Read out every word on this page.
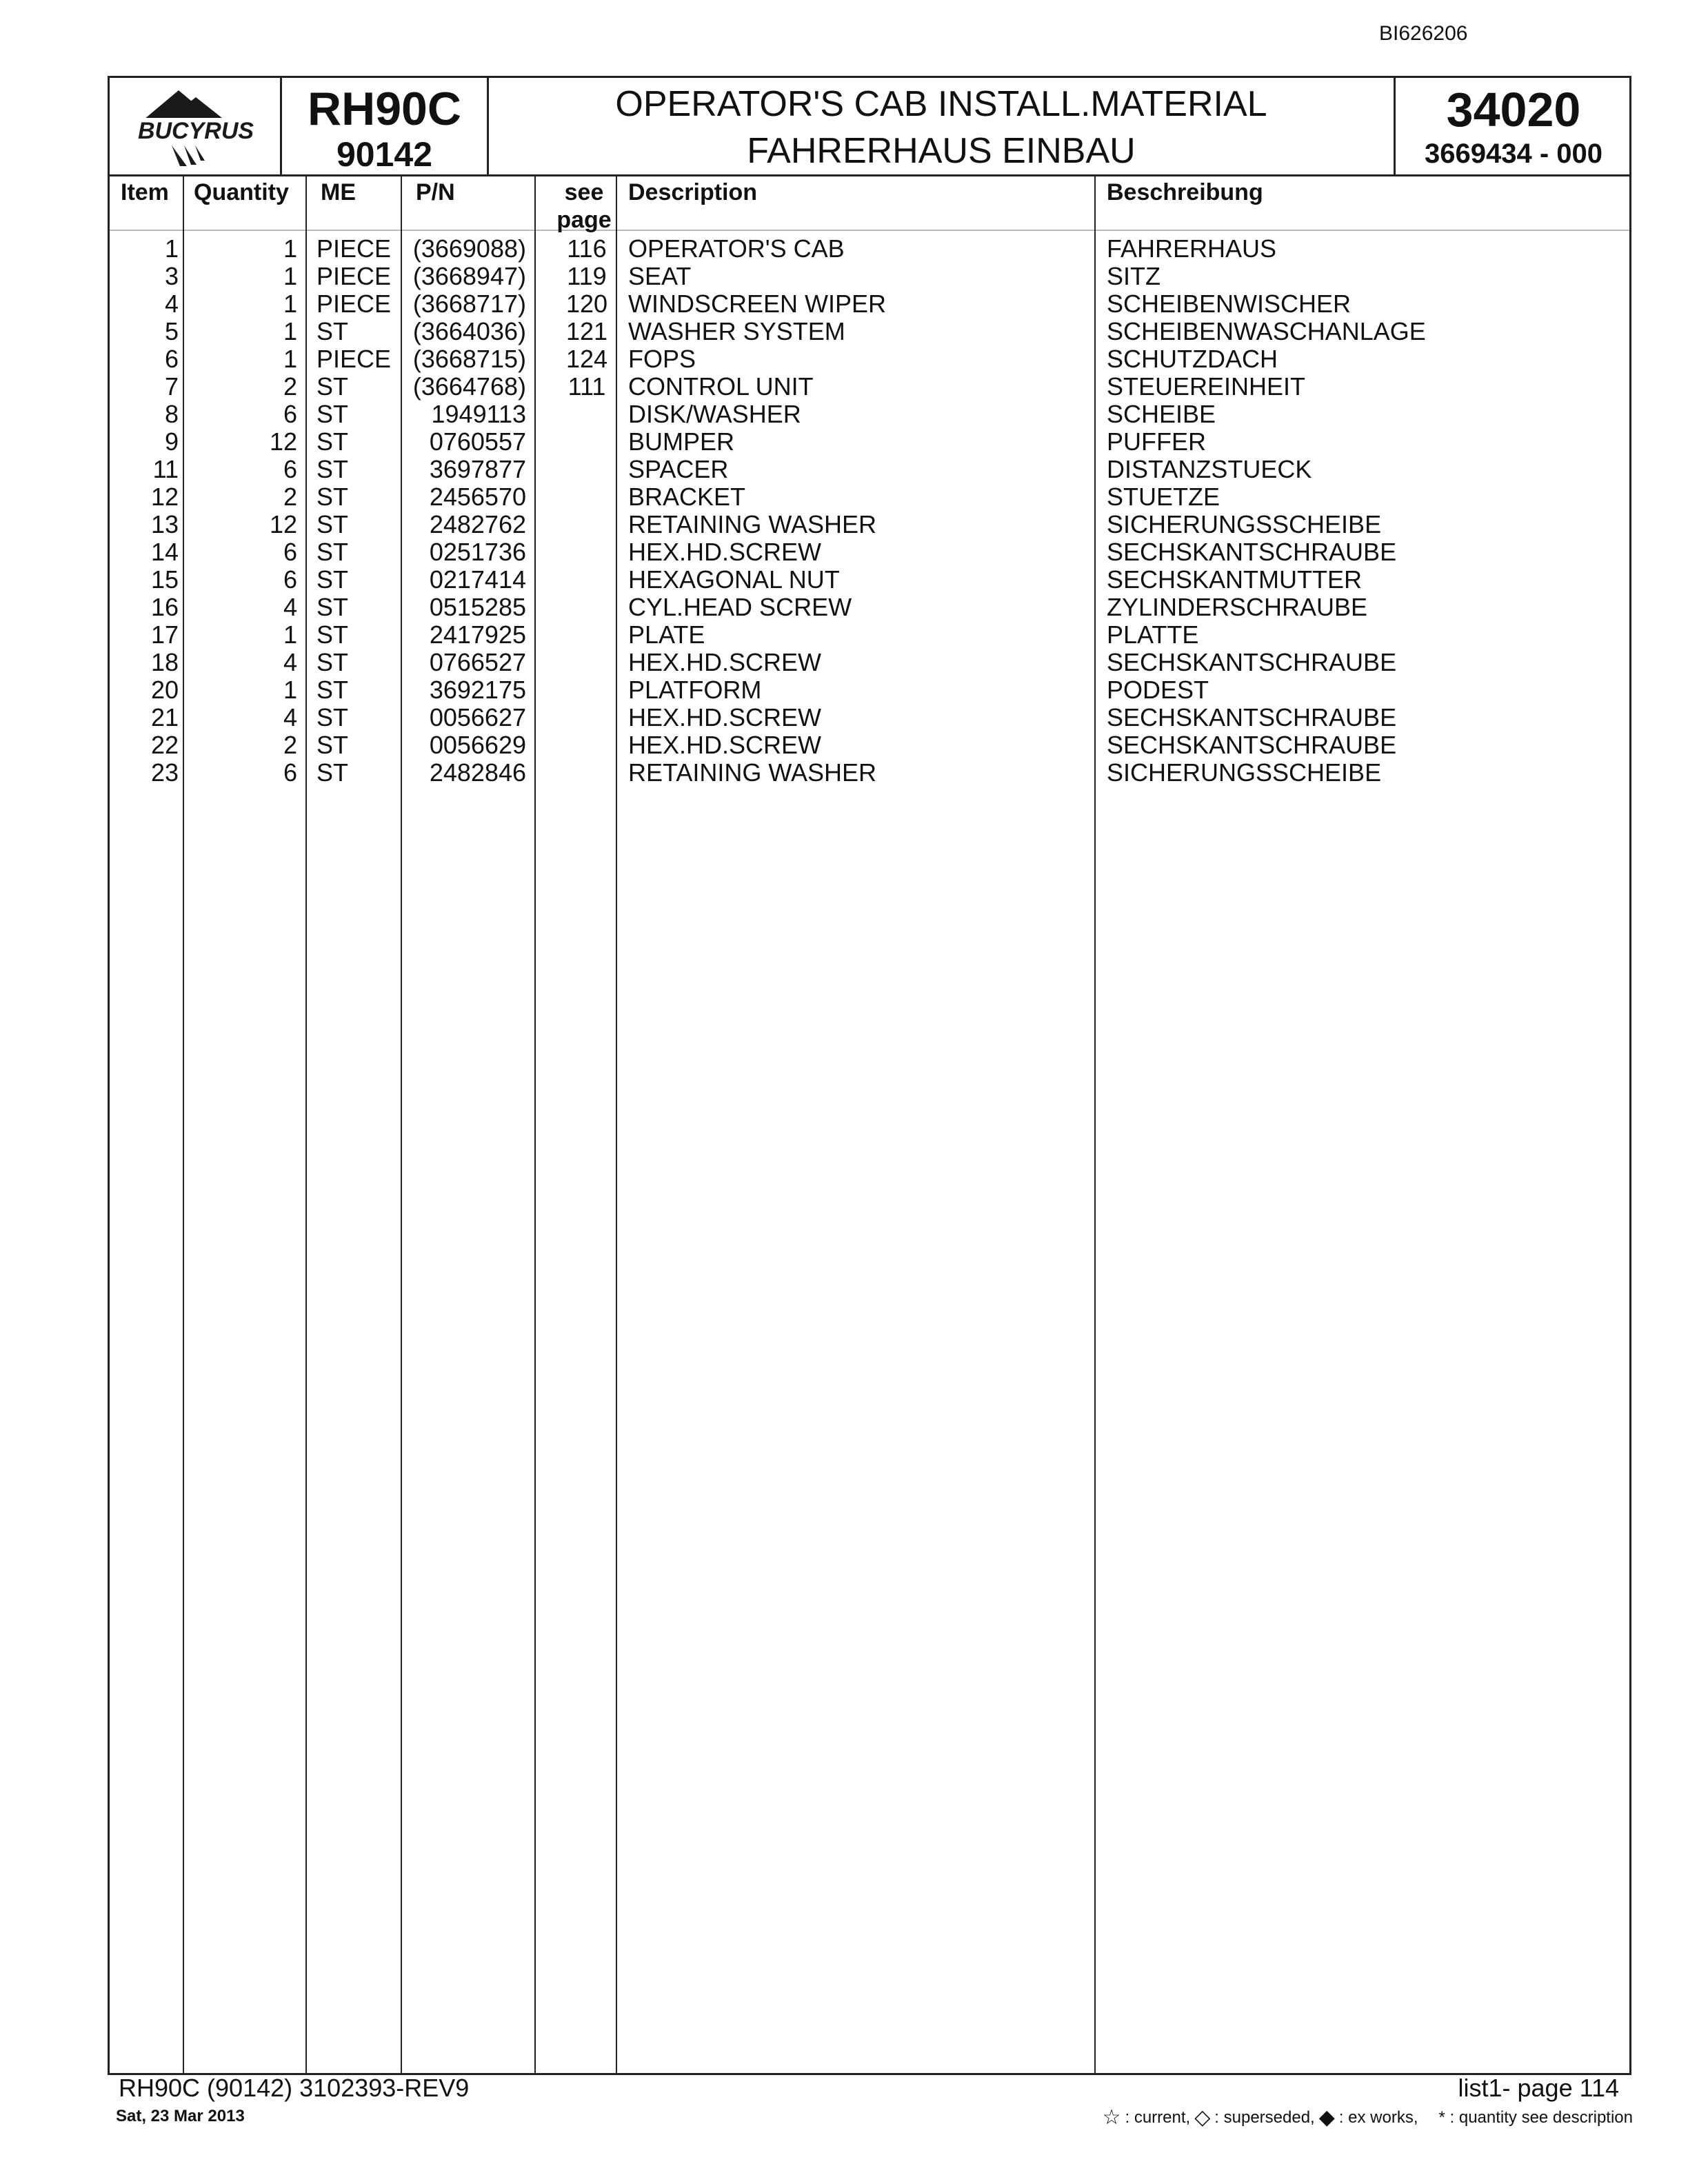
BI626206
BUCYRUS	RH90C
90142
OPERATOR'S CAB INSTALL.MATERIAL
FAHRERHAUS EINBAU
34020
3669434 - 000
Item Quantity ME	P/N	see
page
Description	Beschreibung
1	1 PIECE (3669088)	116 OPERATOR'S CAB	FAHRERHAUS
3	1 PIECE (3668947)	119 SEAT	SITZ
4	1 PIECE (3668717)	120 WINDSCREEN WIPER	SCHEIBENWISCHER
5	1 ST	(3664036)	121 WASHER SYSTEM	SCHEIBENWASCHANLAGE
6	1 PIECE (3668715)	124 FOPS	SCHUTZDACH
7	2 ST	(3664768)	111 CONTROL UNIT	STEUEREINHEIT
8	6 ST	1949113	DISK/WASHER	SCHEIBE
9	12 ST	0760557	BUMPER	PUFFER
11	6 ST	3697877	SPACER	DISTANZSTUECK
12	2 ST	2456570	BRACKET	STUETZE
13	12 ST	2482762	RETAINING WASHER	SICHERUNGSSCHEIBE
14	6 ST	0251736	HEX.HD.SCREW	SECHSKANTSCHRAUBE
15	6 ST	0217414	HEXAGONAL NUT	SECHSKANTMUTTER
16	4 ST	0515285	CYL.HEAD SCREW	ZYLINDERSCHRAUBE
17	1 ST	2417925	PLATE	PLATTE
18	4 ST	0766527	HEX.HD.SCREW	SECHSKANTSCHRAUBE
20	1 ST	3692175	PLATFORM	PODEST
21	4 ST	0056627	HEX.HD.SCREW	SECHSKANTSCHRAUBE
22	2 ST	0056629	HEX.HD.SCREW	SECHSKANTSCHRAUBE
23	6 ST	2482846	RETAINING WASHER	SICHERUNGSSCHEIBE
RH90C (90142) 3102393-REV9
Sat, 23 Mar 2013
list1- page 114
☆ : current, ◇ : superseded, ◆ : ex works, * : quantity see description
